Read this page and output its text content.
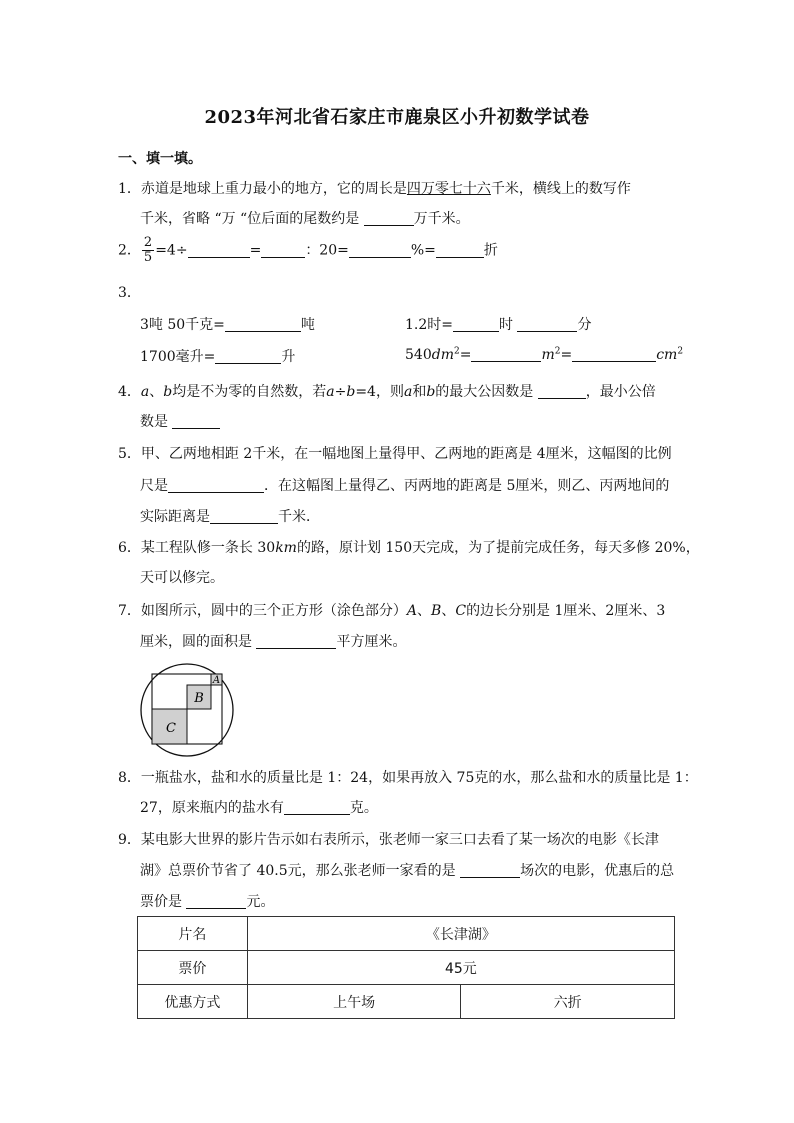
2023年河北省石家庄市鹿泉区小升初数学试卷
一、填一填。
1．赤道是地球上重力最小的地方，它的周长是四万零七十六千米，横线上的数写作
千米，省略 “万 “位后面的尾数约是	万千米。
2． $\frac{2}{5} =4\div$	=	：20=	%=	折
3．
3吨 50千克=	吨	1.2时=	时	分
1700毫升=	升	$540dm^2=$	$m^2=$	$cm^2$
4．a、b均是不为零的自然数，若a÷b=4，则a和b的最大公因数是	，最小公倍
数是
5．甲、乙两地相距 2千米，在一幅地图上量得甲、乙两地的距离是 4厘米，这幅图的比例
尺是	．在这幅图上量得乙、丙两地的距离是 5厘米，则乙、丙两地间的
实际距离是	千米．
6．某工程队修一条长 30km的路，原计划 150天完成，为了提前完成任务，每天多修 20%，
天可以修完。
7．如图所示，圆中的三个正方形（涂色部分）A、B、C的边长分别是 1厘米、2厘米、3
厘米，圆的面积是	平方厘米。
C
B
A
8．一瓶盐水，盐和水的质量比是 1：24，如果再放入 75克的水，那么盐和水的质量比是 1：
27，原来瓶内的盐水有	克。
9．某电影大世界的影片告示如右表所示，张老师一家三口去看了某一场次的电影《长津
湖》总票价节省了 40.5元，那么张老师一家看的是	场次的电影，优惠后的总
票价是	元。
片名	《长津湖》	
票价	45元	
优惠方式	上午场	六折
